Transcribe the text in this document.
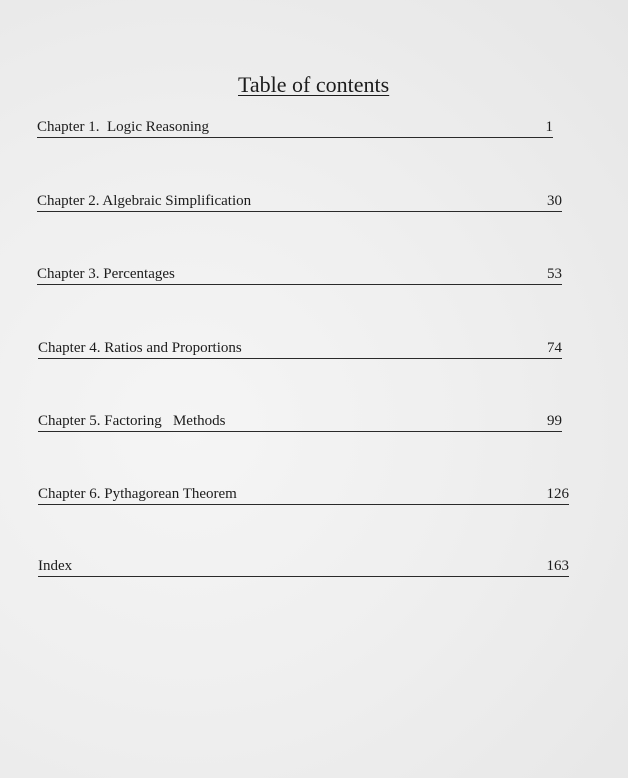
Table of contents
Chapter 1.  Logic Reasoning	1
Chapter 2. Algebraic Simplification	30
Chapter 3. Percentages	53
Chapter 4. Ratios and Proportions	74
Chapter 5. Factoring   Methods	99
Chapter 6. Pythagorean Theorem	126
Index	163
